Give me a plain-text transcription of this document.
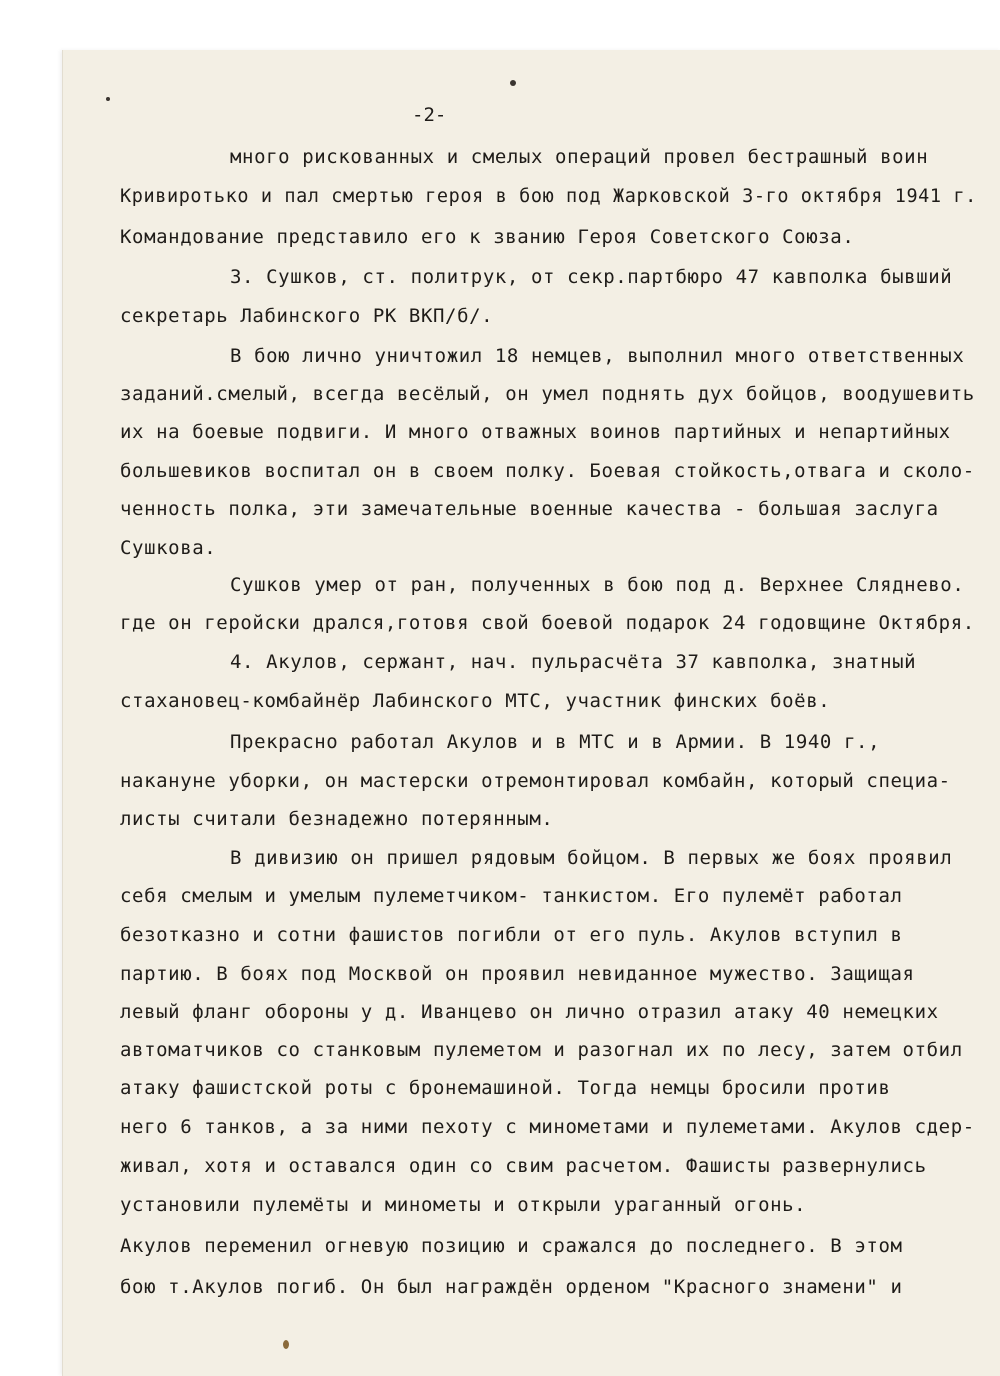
-2-
много рискованных и смелых операций провел бестрашный воин
Кривиротько и пал смертью героя в бою под Жарковской 3-го октября 1941 г.
Командование представило его к званию Героя Советского Союза.
3. Сушков, ст. политрук, от секр.партбюро 47 кавполка бывший
секретарь Лабинского РК ВКП/б/.
В бою лично уничтожил 18 немцев, выполнил много ответственных
заданий.смелый, всегда весёлый, он умел поднять дух бойцов, воодушевить
их на боевые подвиги. И много отважных воинов партийных и непартийных
большевиков воспитал он в своем полку. Боевая стойкость,отвага и сколо-
ченность полка, эти замечательные военные качества - большая заслуга
Сушкова.
Сушков умер от ран, полученных в бою под д. Верхнее Сляднево.
где он геройски дрался,готовя свой боевой подарок 24 годовщине Октября.
4. Акулов, сержант, нач. пульрасчёта 37 кавполка, знатный
стахановец-комбайнёр Лабинского МТС, участник финских боёв.
Прекрасно работал Акулов и в МТС и в Армии. В 1940 г.,
накануне уборки, он мастерски отремонтировал комбайн, который специа-
листы считали безнадежно потерянным.
В дивизию он пришел рядовым бойцом. В первых же боях проявил
себя смелым и умелым пулеметчиком- танкистом. Его пулемёт работал
безотказно и сотни фашистов погибли от его пуль. Акулов вступил в
партию. В боях под Москвой он проявил невиданное мужество. Защищая
левый фланг обороны у д. Иванцево он лично отразил атаку 40 немецких
автоматчиков со станковым пулеметом и разогнал их по лесу, затем отбил
атаку фашистской роты с бронемашиной. Тогда немцы бросили против
него 6 танков, а за ними пехоту с минометами и пулеметами. Акулов сдер-
живал, хотя и оставался один со свим расчетом. Фашисты развернулись
установили пулемёты и минометы и открыли ураганный огонь.
Акулов переменил огневую позицию и сражался до последнего. В этом
бою т.Акулов погиб. Он был награждён орденом "Красного знамени" и
